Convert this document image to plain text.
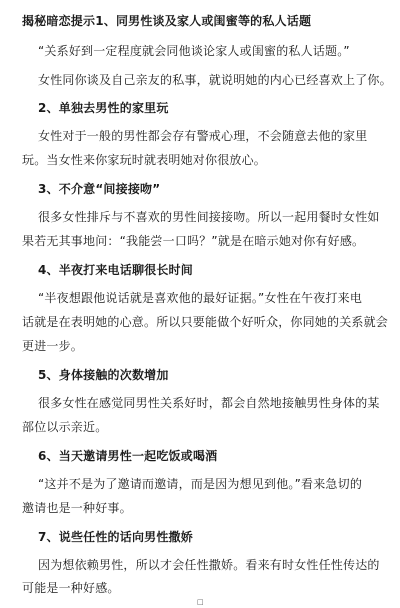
揭秘暗恋提示1、同男性谈及家人或闺蜜等的私人话题
“关系好到一定程度就会同他谈论家人或闺蜜的私人话题。”
女性同你谈及自己亲友的私事，就说明她的内心已经喜欢上了你。
2、单独去男性的家里玩
女性对于一般的男性都会存有警戒心理，不会随意去他的家里
玩。当女性来你家玩时就表明她对你很放心。
3、不介意“间接接吻”
很多女性排斥与不喜欢的男性间接接吻。所以一起用餐时女性如
果若无其事地问：“我能尝一口吗？”就是在暗示她对你有好感。
4、半夜打来电话聊很长时间
“半夜想跟他说话就是喜欢他的最好证据。”女性在午夜打来电
话就是在表明她的心意。所以只要能做个好听众，你同她的关系就会
更进一步。
5、身体接触的次数增加
很多女性在感觉同男性关系好时，都会自然地接触男性身体的某
部位以示亲近。
6、当天邀请男性一起吃饭或喝酒
“这并不是为了邀请而邀请，而是因为想见到他。”看来急切的
邀请也是一种好事。
7、说些任性的话向男性撒娇
因为想依赖男性，所以才会任性撒娇。看来有时女性任性传达的
可能是一种好感。
□
